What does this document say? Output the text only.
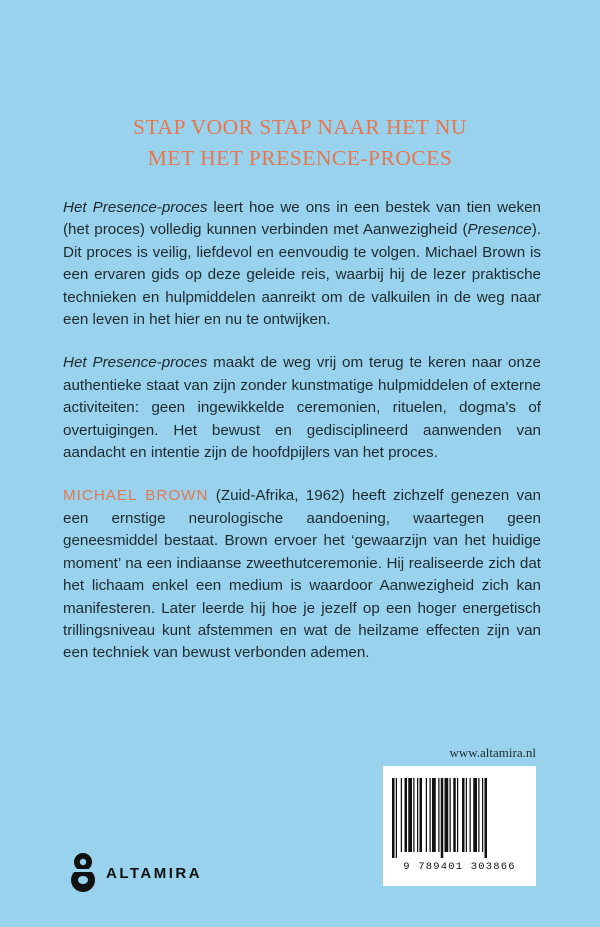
STAP VOOR STAP NAAR HET NU
MET HET PRESENCE-PROCES

Het Presence-proces leert hoe we ons in een bestek van tien weken (het proces) volledig kunnen verbinden met Aanwezigheid (Presence). Dit proces is veilig, liefdevol en eenvoudig te volgen. Michael Brown is een ervaren gids op deze geleide reis, waarbij hij de lezer praktische technieken en hulpmiddelen aanreikt om de valkuilen in de weg naar een leven in het hier en nu te ontwijken.

Het Presence-proces maakt de weg vrij om terug te keren naar onze authentieke staat van zijn zonder kunstmatige hulpmiddelen of externe activiteiten: geen ingewikkelde ceremonien, rituelen, dogma's of overtuigingen. Het bewust en gedisciplineerd aanwenden van aandacht en intentie zijn de hoofdpijlers van het proces.

MICHAEL BROWN (Zuid-Afrika, 1962) heeft zichzelf genezen van een ernstige neurologische aandoening, waartegen geen geneesmiddel bestaat. Brown ervoer het ‘gewaarzijn van het huidige moment’ na een indiaanse zweethutceremonie. Hij realiseerde zich dat het lichaam enkel een medium is waardoor Aanwezigheid zich kan manifesteren. Later leerde hij hoe je jezelf op een hoger energetisch trillingsniveau kunt afstemmen en wat de heilzame effecten zijn van een techniek van bewust verbonden ademen.

www.altamira.nl
9 789401 303866
ALTAMIRA
